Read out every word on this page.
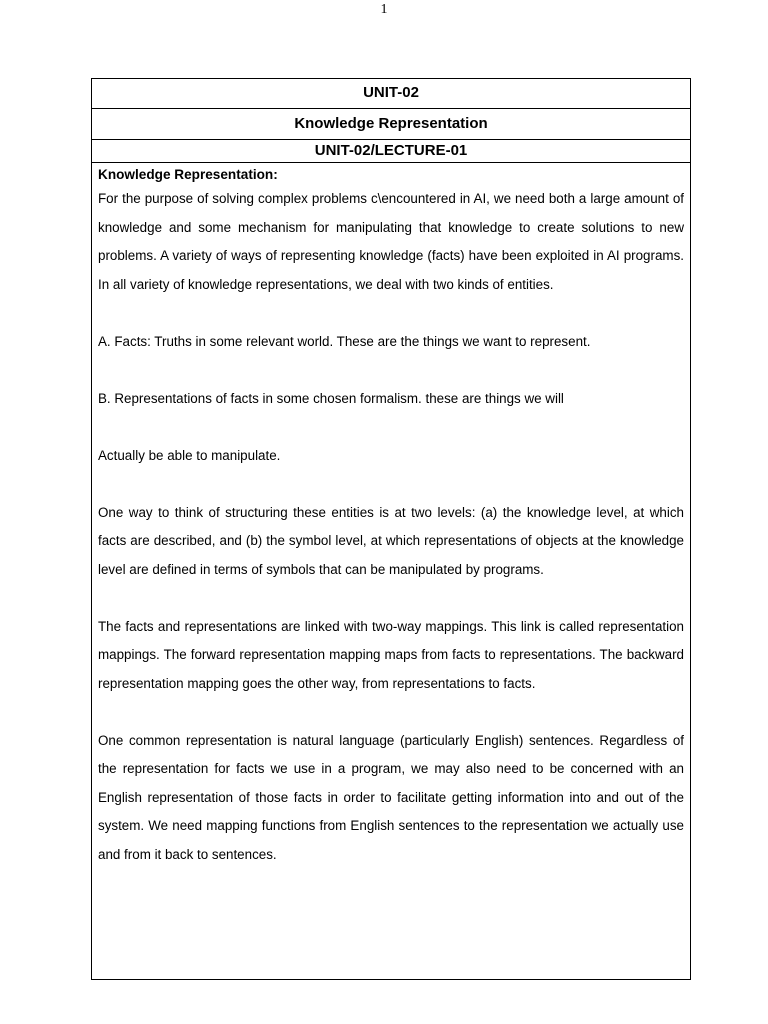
1
UNIT-02
Knowledge Representation
UNIT-02/LECTURE-01
Knowledge Representation:

For the purpose of solving complex problems c\encountered in AI, we need both a large amount of knowledge and some mechanism for manipulating that knowledge to create solutions to new problems. A variety of ways of representing knowledge (facts) have been exploited in AI programs. In all variety of knowledge representations, we deal with two kinds of entities.

A. Facts: Truths in some relevant world. These are the things we want to represent.

B. Representations of facts in some chosen formalism. these are things we will

Actually be able to manipulate.

One way to think of structuring these entities is at two levels: (a) the knowledge level, at which facts are described, and (b) the symbol level, at which representations of objects at the knowledge level are defined in terms of symbols that can be manipulated by programs.

The facts and representations are linked with two-way mappings. This link is called representation mappings. The forward representation mapping maps from facts to representations. The backward representation mapping goes the other way, from representations to facts.

One common representation is natural language (particularly English) sentences. Regardless of the representation for facts we use in a program, we may also need to be concerned with an English representation of those facts in order to facilitate getting information into and out of the system. We need mapping functions from English sentences to the representation we actually use and from it back to sentences.
